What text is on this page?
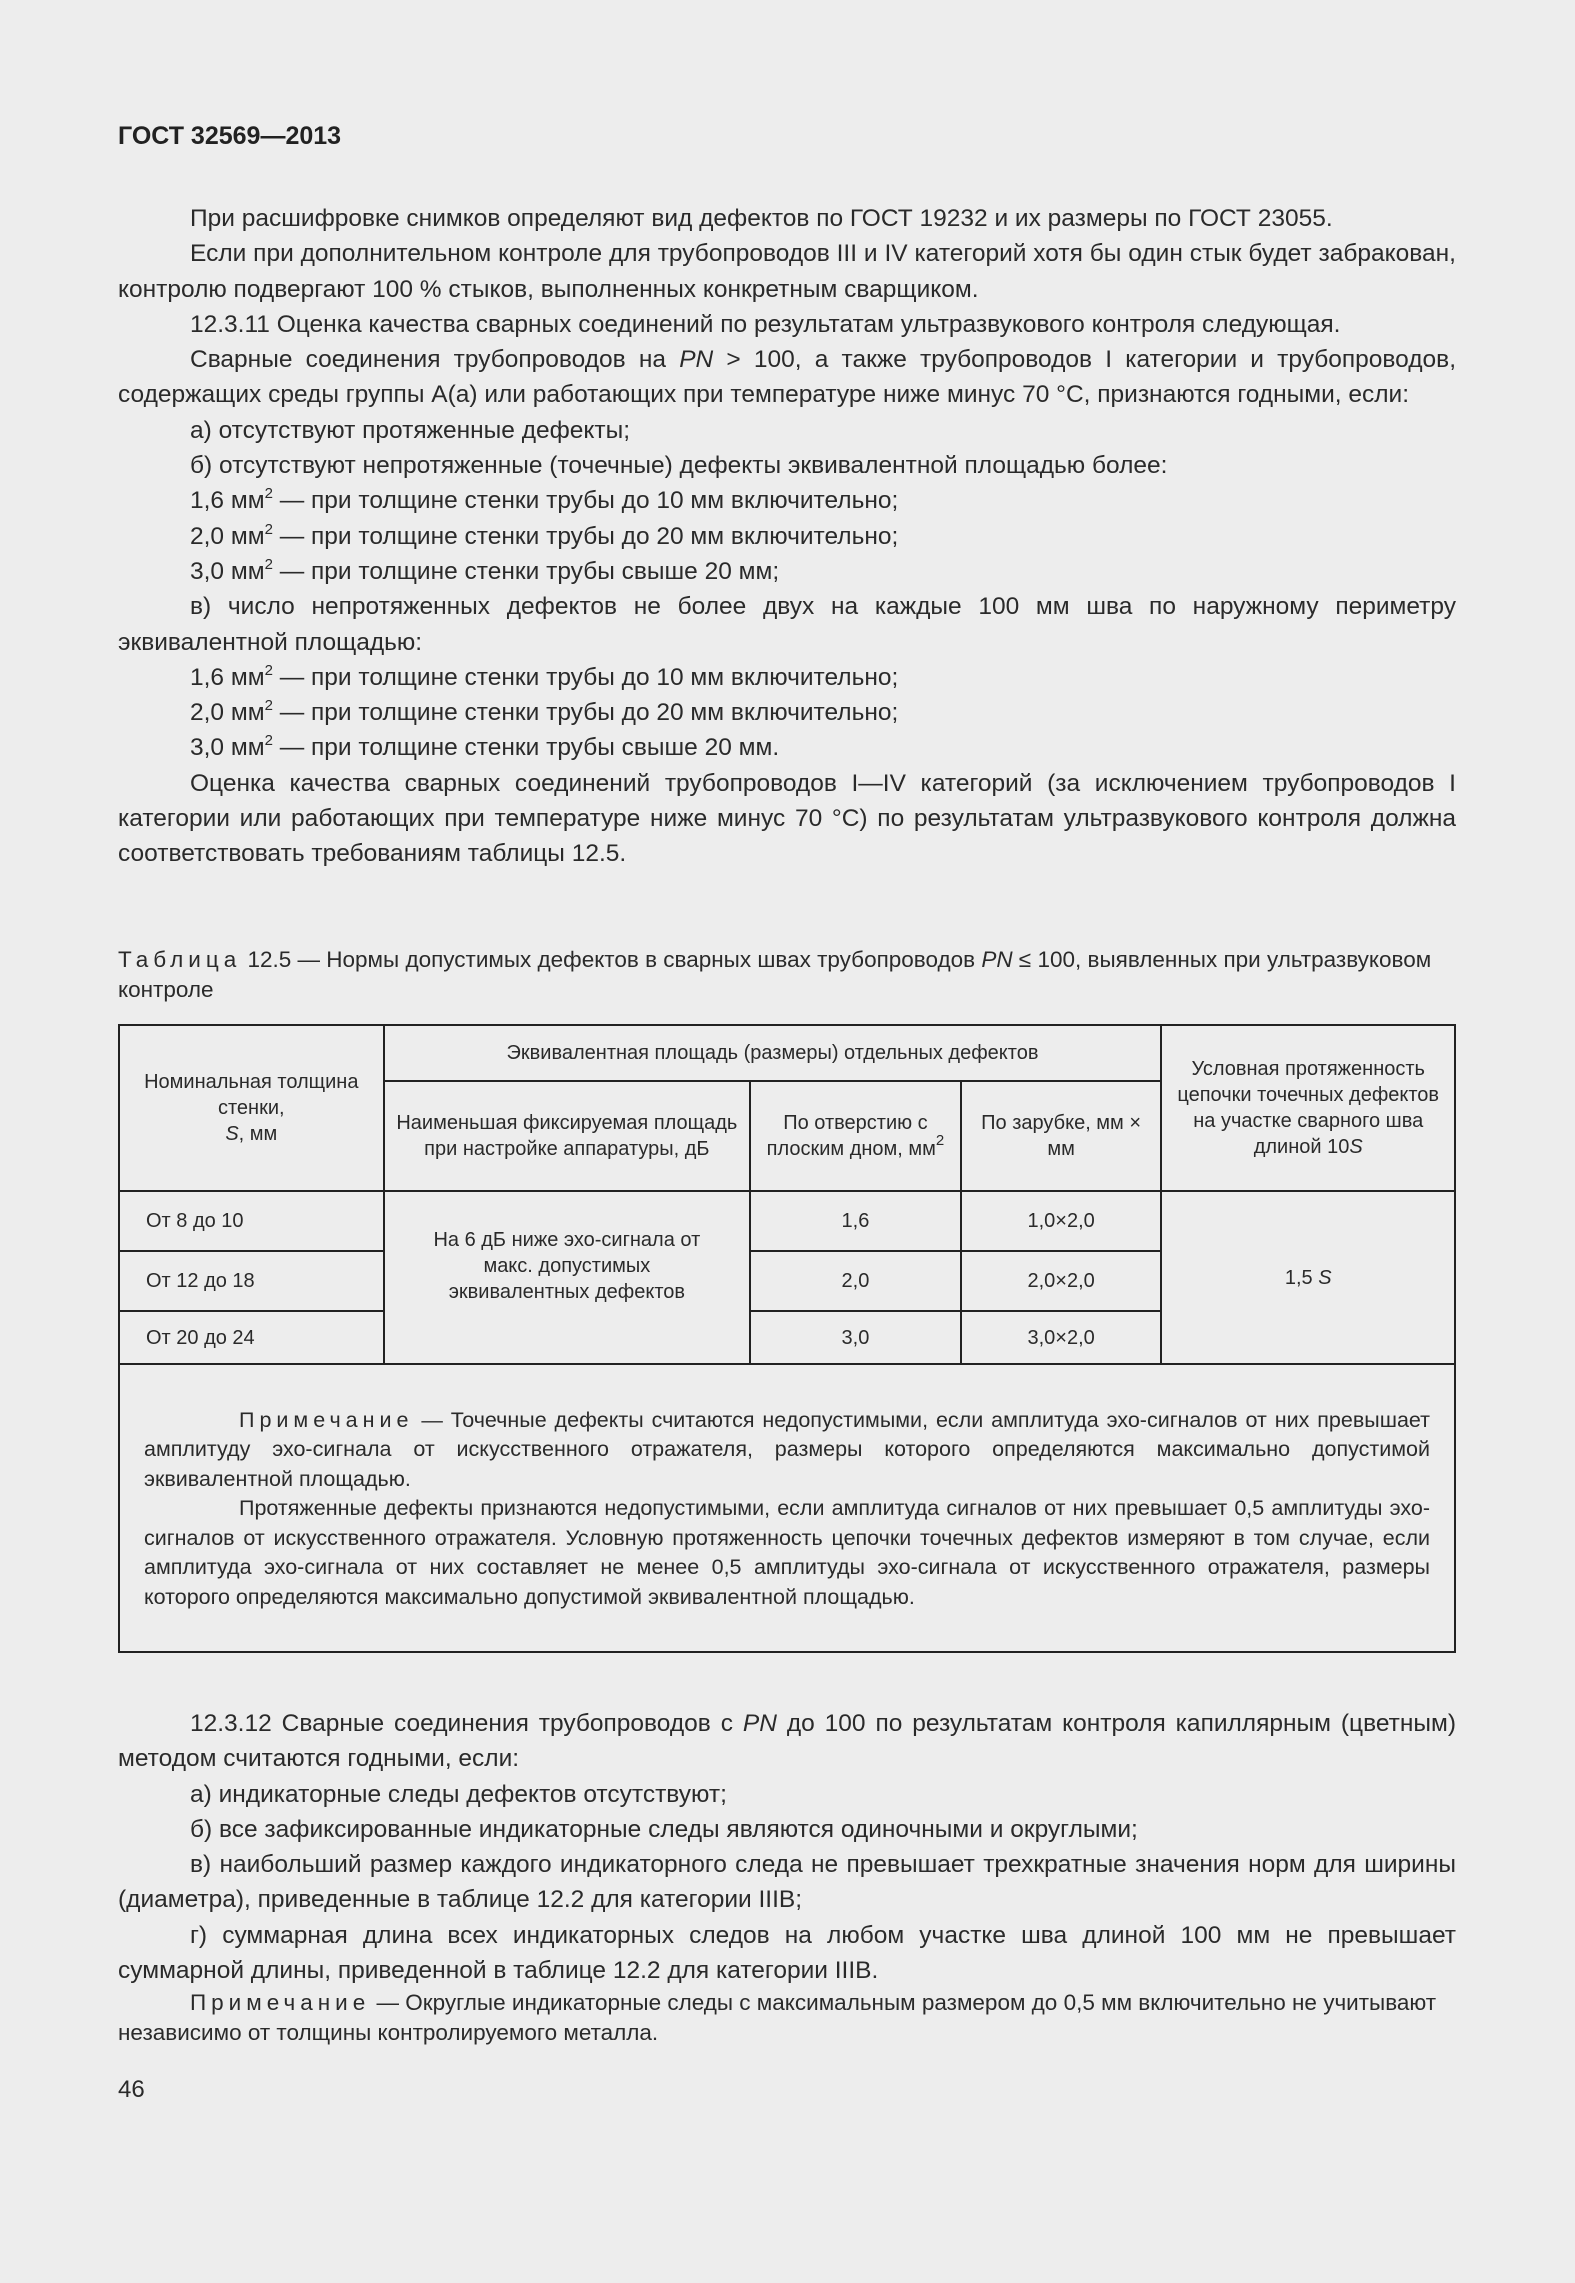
ГОСТ 32569—2013

При расшифровке снимков определяют вид дефектов по ГОСТ 19232 и их размеры по ГОСТ 23055.

Если при дополнительном контроле для трубопроводов III и IV категорий хотя бы один стык будет забракован, контролю подвергают 100 % стыков, выполненных конкретным сварщиком.

12.3.11 Оценка качества сварных соединений по результатам ультразвукового контроля следующая.

Сварные соединения трубопроводов на PN > 100, а также трубопроводов I категории и трубопроводов, содержащих среды группы А(а) или работающих при температуре ниже минус 70 °С, признаются годными, если:

а) отсутствуют протяженные дефекты;

б) отсутствуют непротяженные (точечные) дефекты эквивалентной площадью более:

1,6 $мм^2$ — при толщине стенки трубы до 10 мм включительно;

2,0 $мм^2$ — при толщине стенки трубы до 20 мм включительно;

3,0 $мм^2$ — при толщине стенки трубы свыше 20 мм;

в) число непротяженных дефектов не более двух на каждые 100 мм шва по наружному периметру
эквивалентной площадью:

1,6 $мм^2$ — при толщине стенки трубы до 10 мм включительно;

2,0 $мм^2$ — при толщине стенки трубы до 20 мм включительно;

3,0 $мм^2$ — при толщине стенки трубы свыше 20 мм.

Оценка качества сварных соединений трубопроводов I—IV категорий (за исключением трубопроводов I категории или работающих при температуре ниже минус 70 °С) по результатам ультразвукового контроля должна соответствовать требованиям таблицы 12.5.

Таблица 12.5 — Нормы допустимых дефектов в сварных швах трубопроводов PN ≤ 100, выявленных при ультразвуковом контроле
Номинальная толщина стенки,
S, мм	Эквивалентная площадь (размеры) отдельных дефектов			Условная протяженность цепочки точечных дефектов на участке сварного шва длиной 10S
	Наименьшая фиксируемая площадь при настройке аппаратуры, дБ	По отверстию с плоским дном, $мм^2$	По зарубке, мм × мм	
От 8 до 10	На 6 дБ ниже эхо-сигнала от макс. допустимых эквивалентных дефектов	1,6	1,0×2,0	1,5 S
От 12 до 18		2,0	2,0×2,0	
От 20 до 24		3,0	3,0×2,0	

Примечание — Точечные дефекты считаются недопустимыми, если амплитуда эхо-сигналов от них превышает амплитуду эхо-сигнала от искусственного отражателя, размеры которого определяются максимально допустимой эквивалентной площадью.

Протяженные дефекты признаются недопустимыми, если амплитуда сигналов от них превышает 0,5 амплитуды эхо-сигналов от искусственного отражателя. Условную протяженность цепочки точечных дефектов измеряют в том случае, если амплитуда эхо-сигнала от них составляет не менее 0,5 амплитуды эхо-сигнала от искусственного отражателя, размеры которого определяются максимально допустимой эквивалентной площадью.				

12.3.12 Сварные соединения трубопроводов с PN до 100 по результатам контроля капиллярным (цветным) методом считаются годными, если:

а) индикаторные следы дефектов отсутствуют;

б) все зафиксированные индикаторные следы являются одиночными и округлыми;

в) наибольший размер каждого индикаторного следа не превышает трехкратные значения норм для ширины (диаметра), приведенные в таблице 12.2 для категории IIIВ;

г) суммарная длина всех индикаторных следов на любом участке шва длиной 100 мм не превышает суммарной длины, приведенной в таблице 12.2 для категории IIIВ.

Примечание — Округлые индикаторные следы с максимальным размером до 0,5 мм включительно не учитывают независимо от толщины контролируемого металла.
46
